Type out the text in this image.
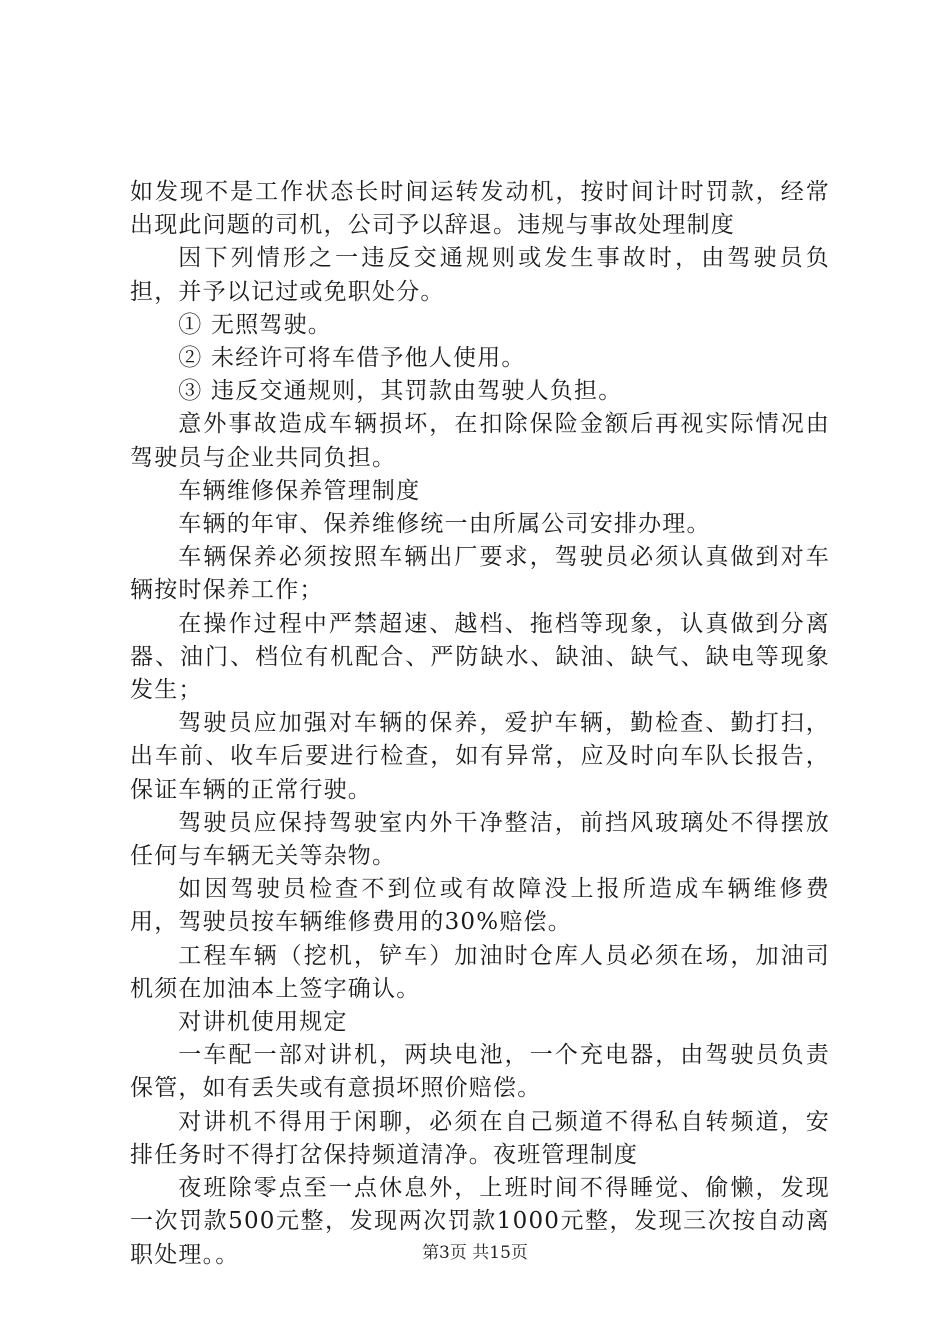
如发现不是工作状态长时间运转发动机，按时间计时罚款，经常出现此问题的司机，公司予以辞退。违规与事故处理制度

因下列情形之一违反交通规则或发生事故时，由驾驶员负担，并予以记过或免职处分。

① 无照驾驶。

② 未经许可将车借予他人使用。

③ 违反交通规则，其罚款由驾驶人负担。

意外事故造成车辆损坏，在扣除保险金额后再视实际情况由驾驶员与企业共同负担。

车辆维修保养管理制度

车辆的年审、保养维修统一由所属公司安排办理。

车辆保养必须按照车辆出厂要求，驾驶员必须认真做到对车辆按时保养工作；

在操作过程中严禁超速、越档、拖档等现象，认真做到分离器、油门、档位有机配合、严防缺水、缺油、缺气、缺电等现象发生；

驾驶员应加强对车辆的保养，爱护车辆，勤检查、勤打扫，出车前、收车后要进行检查，如有异常，应及时向车队长报告，保证车辆的正常行驶。

驾驶员应保持驾驶室内外干净整洁，前挡风玻璃处不得摆放任何与车辆无关等杂物。

如因驾驶员检查不到位或有故障没上报所造成车辆维修费用，驾驶员按车辆维修费用的30%赔偿。

工程车辆（挖机，铲车）加油时仓库人员必须在场，加油司机须在加油本上签字确认。

对讲机使用规定

一车配一部对讲机，两块电池，一个充电器，由驾驶员负责保管，如有丢失或有意损坏照价赔偿。

对讲机不得用于闲聊，必须在自己频道不得私自转频道，安排任务时不得打岔保持频道清净。夜班管理制度

夜班除零点至一点休息外，上班时间不得睡觉、偷懒，发现一次罚款500元整，发现两次罚款1000元整，发现三次按自动离职处理。。	第3页 共15页
